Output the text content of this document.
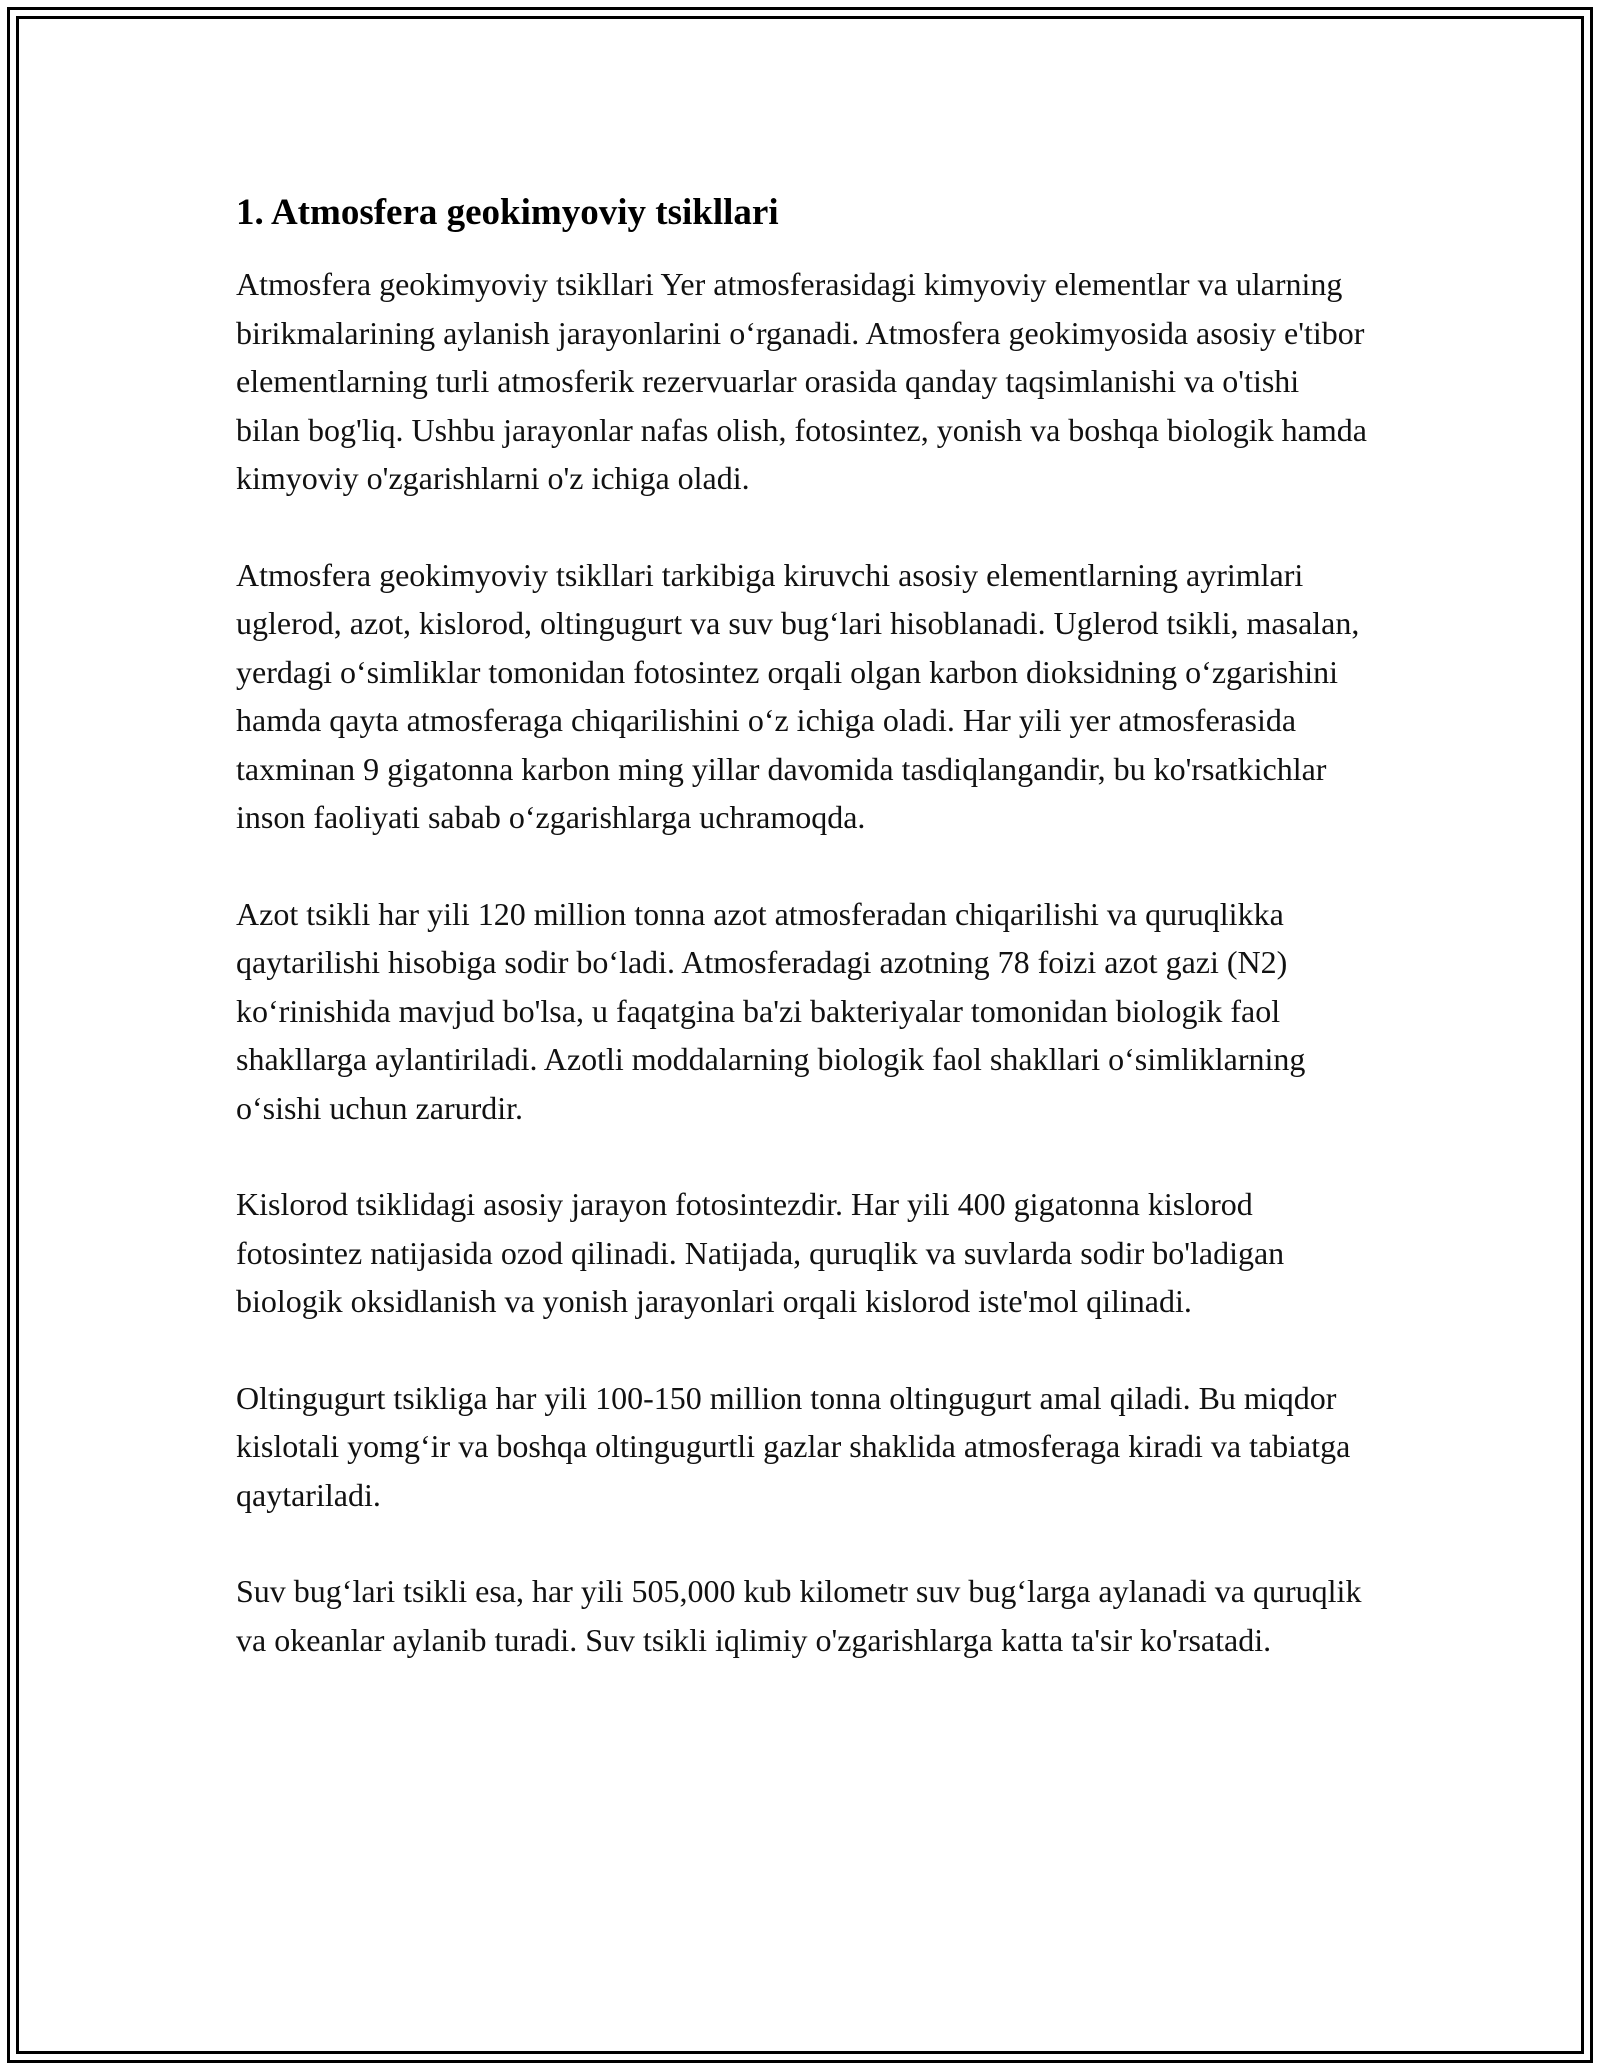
1. Atmosfera geokimyoviy tsikllari

Atmosfera geokimyoviy tsikllari Yer atmosferasidagi kimyoviy elementlar va ularning birikmalarining aylanish jarayonlarini o‘rganadi. Atmosfera geokimyosida asosiy e'tibor elementlarning turli atmosferik rezervuarlar orasida qanday taqsimlanishi va o'tishi bilan bog'liq. Ushbu jarayonlar nafas olish, fotosintez, yonish va boshqa biologik hamda kimyoviy o'zgarishlarni o'z ichiga oladi.

Atmosfera geokimyoviy tsikllari tarkibiga kiruvchi asosiy elementlarning ayrimlari uglerod, azot, kislorod, oltingugurt va suv bug‘lari hisoblanadi. Uglerod tsikli, masalan, yerdagi o‘simliklar tomonidan fotosintez orqali olgan karbon dioksidning o‘zgarishini hamda qayta atmosferaga chiqarilishini o‘z ichiga oladi. Har yili yer atmosferasida taxminan 9 gigatonna karbon ming yillar davomida tasdiqlangandir, bu ko'rsatkichlar inson faoliyati sabab o‘zgarishlarga uchramoqda.

Azot tsikli har yili 120 million tonna azot atmosferadan chiqarilishi va quruqlikka qaytarilishi hisobiga sodir bo‘ladi. Atmosferadagi azotning 78 foizi azot gazi (N2) ko‘rinishida mavjud bo'lsa, u faqatgina ba'zi bakteriyalar tomonidan biologik faol shakllarga aylantiriladi. Azotli moddalarning biologik faol shakllari o‘simliklarning o‘sishi uchun zarurdir.

Kislorod tsiklidagi asosiy jarayon fotosintezdir. Har yili 400 gigatonna kislorod fotosintez natijasida ozod qilinadi. Natijada, quruqlik va suvlarda sodir bo'ladigan biologik oksidlanish va yonish jarayonlari orqali kislorod iste'mol qilinadi.

Oltingugurt tsikliga har yili 100-150 million tonna oltingugurt amal qiladi. Bu miqdor kislotali yomg‘ir va boshqa oltingugurtli gazlar shaklida atmosferaga kiradi va tabiatga qaytariladi.

Suv bug‘lari tsikli esa, har yili 505,000 kub kilometr suv bug‘larga aylanadi va quruqlik va okeanlar aylanib turadi. Suv tsikli iqlimiy o'zgarishlarga katta ta'sir ko'rsatadi.
